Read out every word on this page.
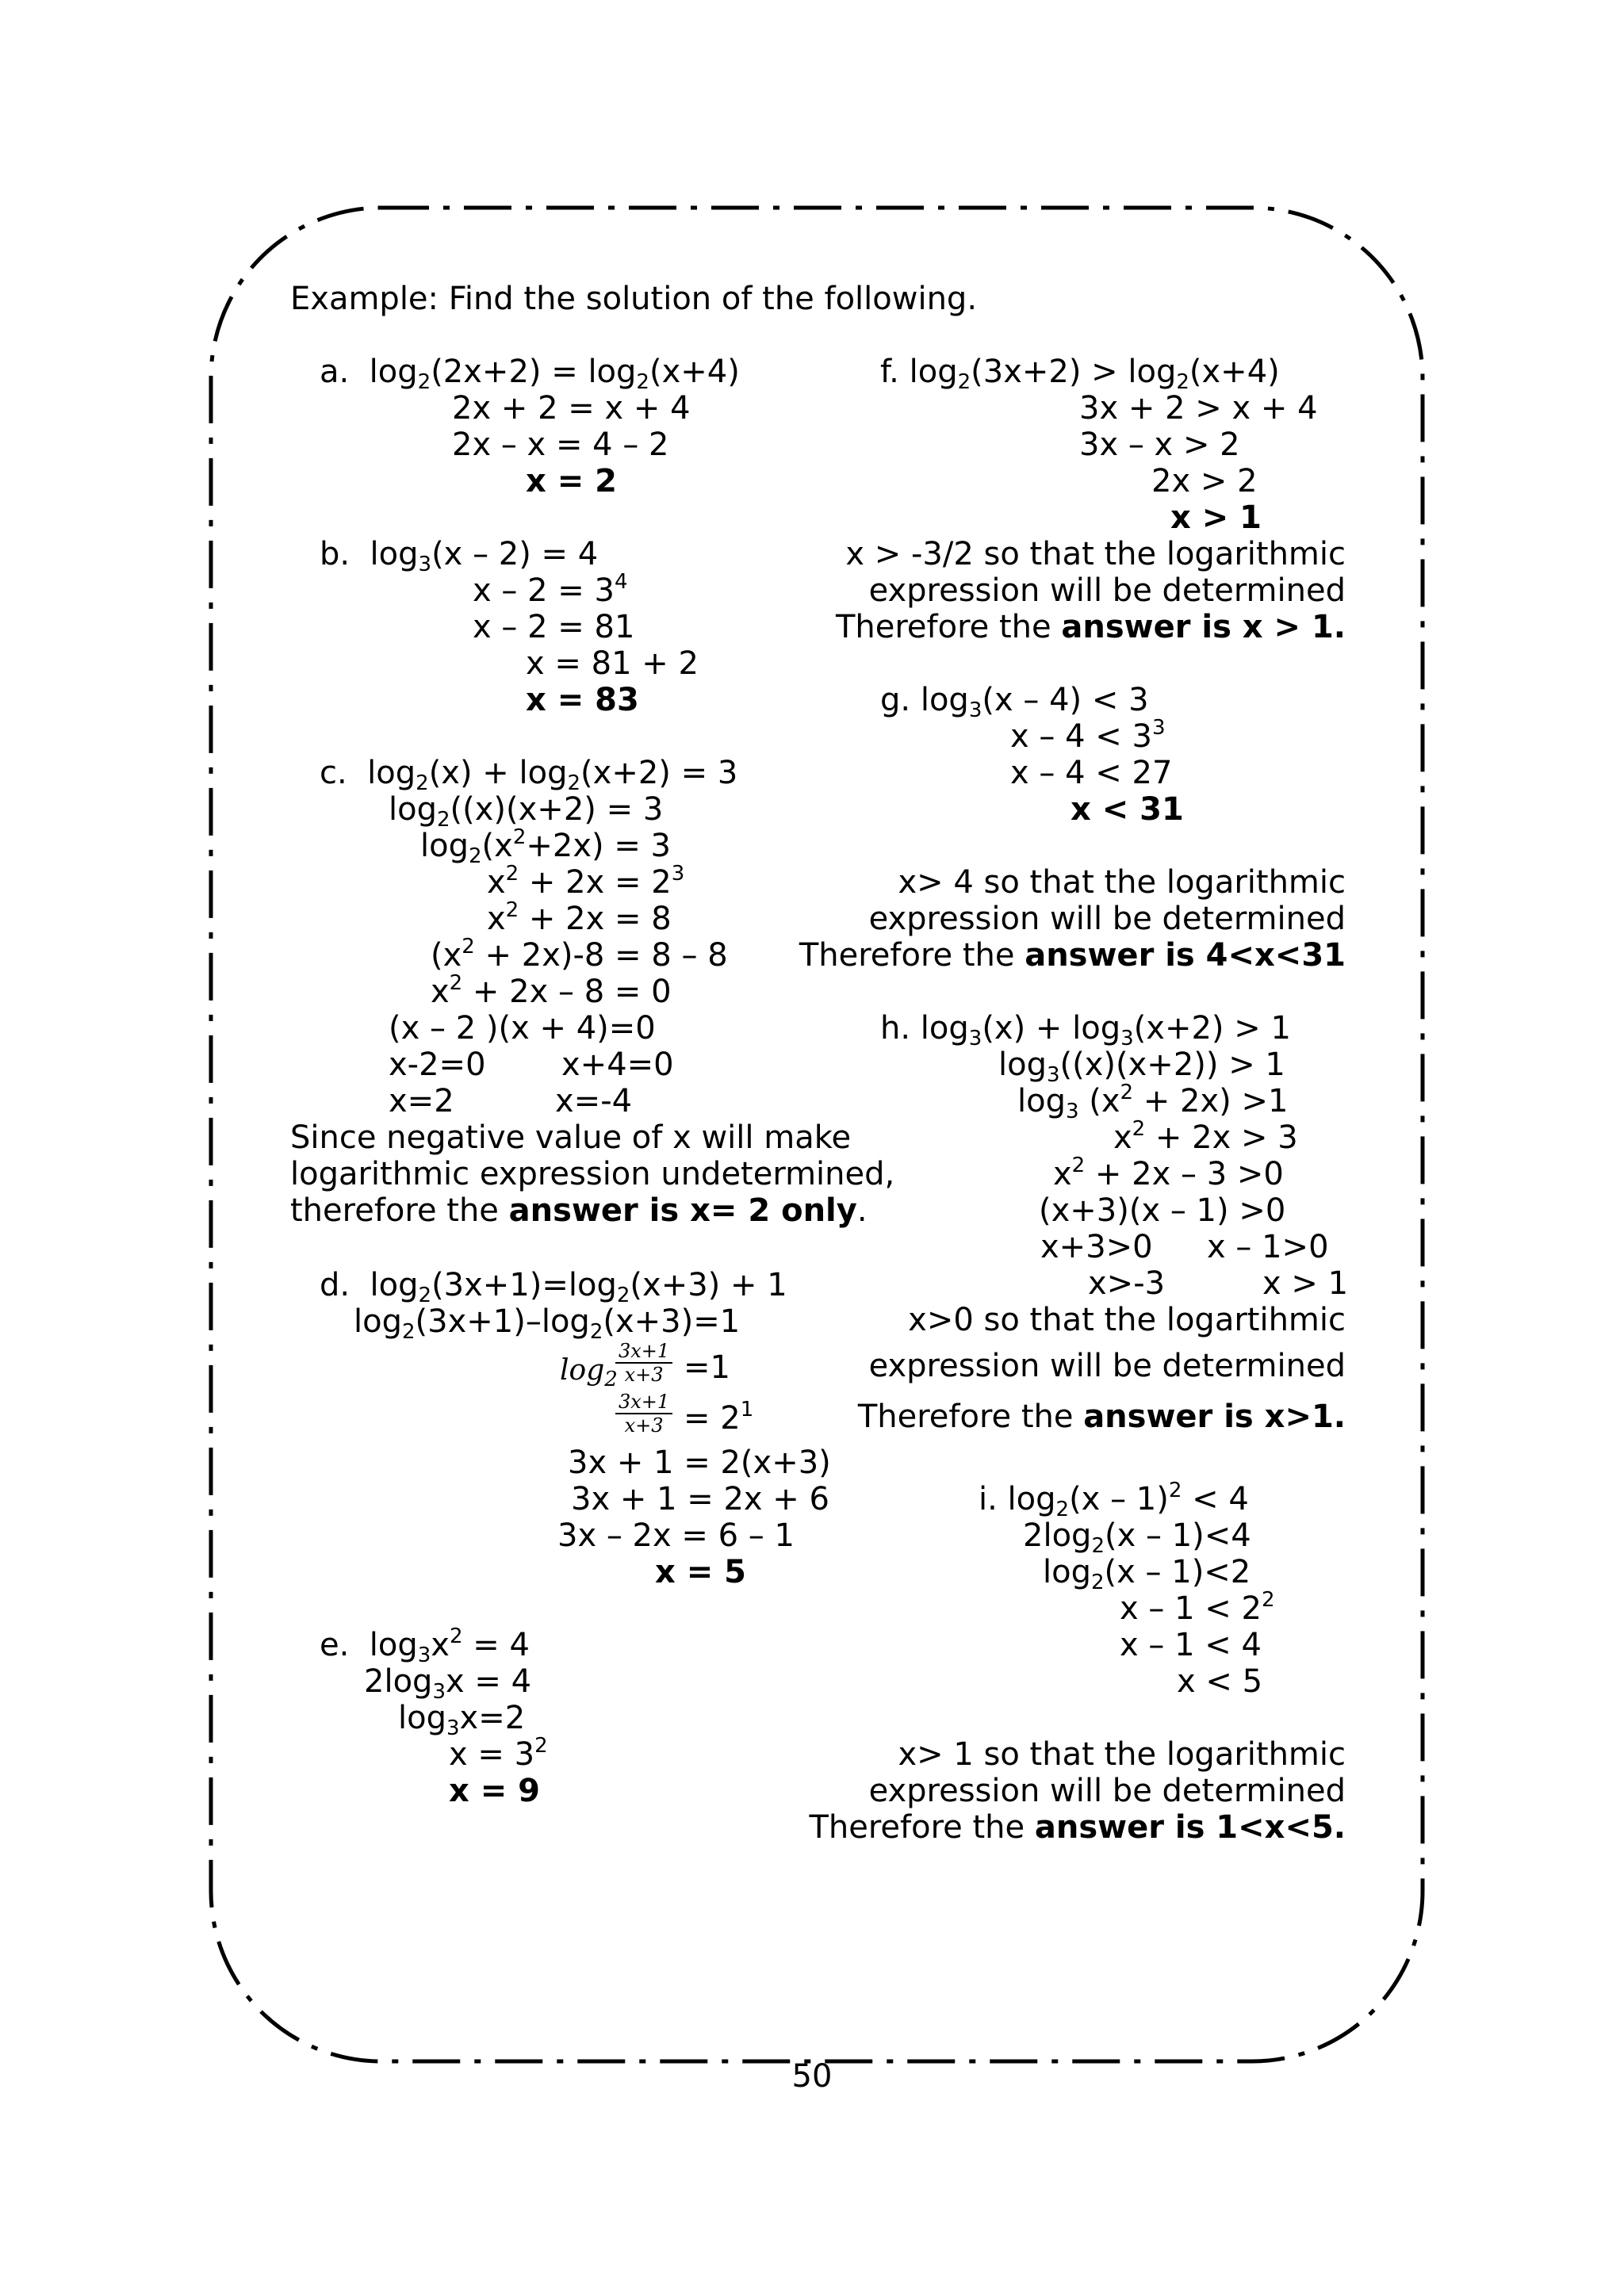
Example: Find the solution of the following.
a. $\log_2(2x+2) = \log_2(x+4)$
2x + 2 = x + 4
2x – x = 4 – 2
x = 2
b. $\log_3(x - 2) = 4$
$x - 2 = 3^4$
x – 2 = 81
x = 81 + 2
x = 83
c. $\log_2(x) + \log_2(x+2) = 3$
$\log_2((x)(x+2) = 3$
$\log_2(x^2+2x) = 3$
$x^2 + 2x = 2^3$
$x^2 + 2x = 8$
$(x^2 + 2x)-8 = 8 - 8$
$x^2 + 2x - 8 = 0$
(x – 2 )(x + 4)=0
x-2=0 x+4=0
x=2	x=-4
Since negative value of x will make
logarithmic expression undetermined,
therefore the answer is x= 2 only.
d. $\log_2(3x+1)=\log_2(x+3) + 1$
$\log_2(3x+1)-\log_2(x+3)=1$
$\log_2$
$\frac{3x+1}{x+3} =1$
$\frac{3x+1}{x+3} = 2^1$
3x + 1 = 2(x+3)
3x + 1 = 2x + 6
3x – 2x = 6 – 1
x = 5
e. $\log_3x^2 = 4$
$2\log_3x = 4$
$\log_3x=2$
$x = 3^2$
x = 9
f. $\log_2(3x+2) > \log_2(x+4)$
3x + 2 > x + 4
3x – x > 2
2x > 2
x > 1
x > -3/2 so that the logarithmic
expression will be determined
Therefore the answer is x > 1.
g. $\log_3(x - 4) < 3$
$x - 4 < 3^3$
x – 4 < 27
x < 31
x> 4 so that the logarithmic
expression will be determined
Therefore the answer is 4<x<31
h. $\log_3(x) + \log_3(x+2) > 1$
$\log_3((x)(x+2)) > 1$
$\log_3 (x^2 + 2x) >1$
$x^2 + 2x > 3$
$x^2 + 2x - 3 >0$
(x+3)(x – 1) >0
x+3>0 x – 1>0
x>-3	x > 1
x>0 so that the logartihmic
expression will be determined
Therefore the answer is x>1.
i. $\log_2(x - 1)^2 < 4$
$2\log_2(x - 1)<4$
$\log_2(x - 1)<2$
$x - 1 < 2^2$
x – 1 < 4
x < 5
x> 1 so that the logarithmic
expression will be determined
Therefore the answer is 1<x<5.
50
